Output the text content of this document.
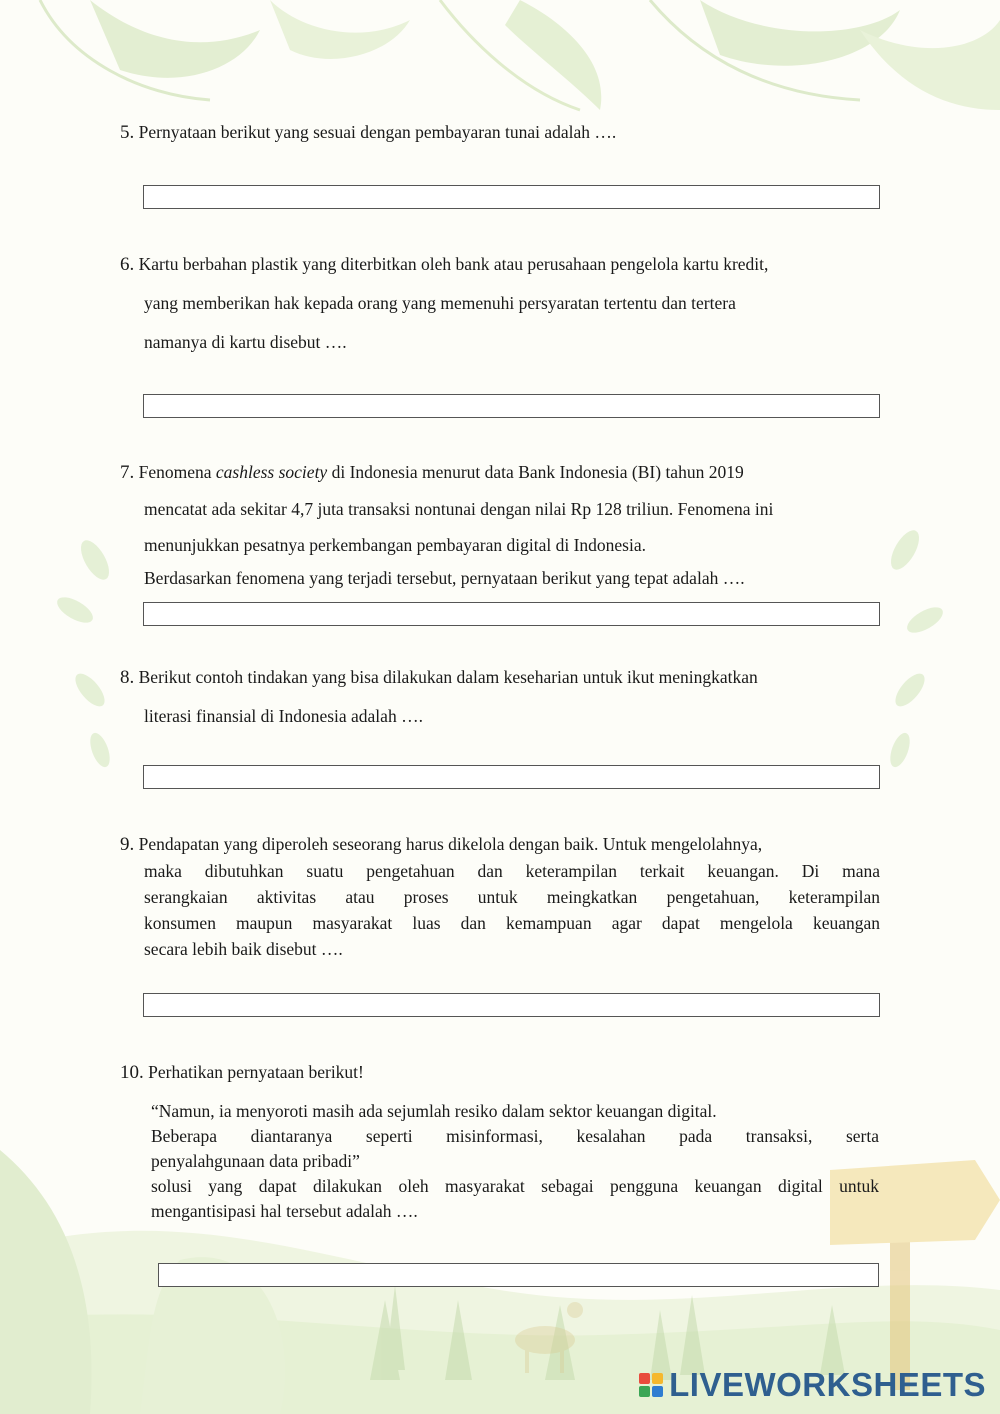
5. Pernyataan berikut yang sesuai dengan pembayaran tunai adalah ….
6. Kartu berbahan plastik yang diterbitkan oleh bank atau perusahaan pengelola kartu kredit,
yang memberikan hak kepada orang yang memenuhi persyaratan tertentu dan tertera
namanya di kartu disebut ….
7. Fenomena cashless society di Indonesia menurut data Bank Indonesia (BI) tahun 2019
mencatat ada sekitar 4,7 juta transaksi nontunai dengan nilai Rp 128 triliun. Fenomena ini
menunjukkan pesatnya perkembangan pembayaran digital di Indonesia.
Berdasarkan fenomena yang terjadi tersebut, pernyataan berikut yang tepat adalah ….
8. Berikut contoh tindakan yang bisa dilakukan dalam keseharian untuk ikut meningkatkan
literasi finansial di Indonesia adalah ….
9. Pendapatan yang diperoleh seseorang harus dikelola dengan baik. Untuk mengelolahnya,
maka dibutuhkan suatu pengetahuan dan keterampilan terkait keuangan. Di mana
serangkaian aktivitas atau proses untuk meingkatkan pengetahuan, keterampilan
konsumen maupun masyarakat luas dan kemampuan agar dapat mengelola keuangan
secara lebih baik disebut ….
10. Perhatikan pernyataan berikut!
“Namun, ia menyoroti masih ada sejumlah resiko dalam sektor keuangan digital.
Beberapa diantaranya seperti misinformasi, kesalahan pada transaksi, serta
penyalahgunaan data pribadi”
solusi yang dapat dilakukan oleh masyarakat sebagai pengguna keuangan digital untuk
mengantisipasi hal tersebut adalah ….
LIVEWORKSHEETS
